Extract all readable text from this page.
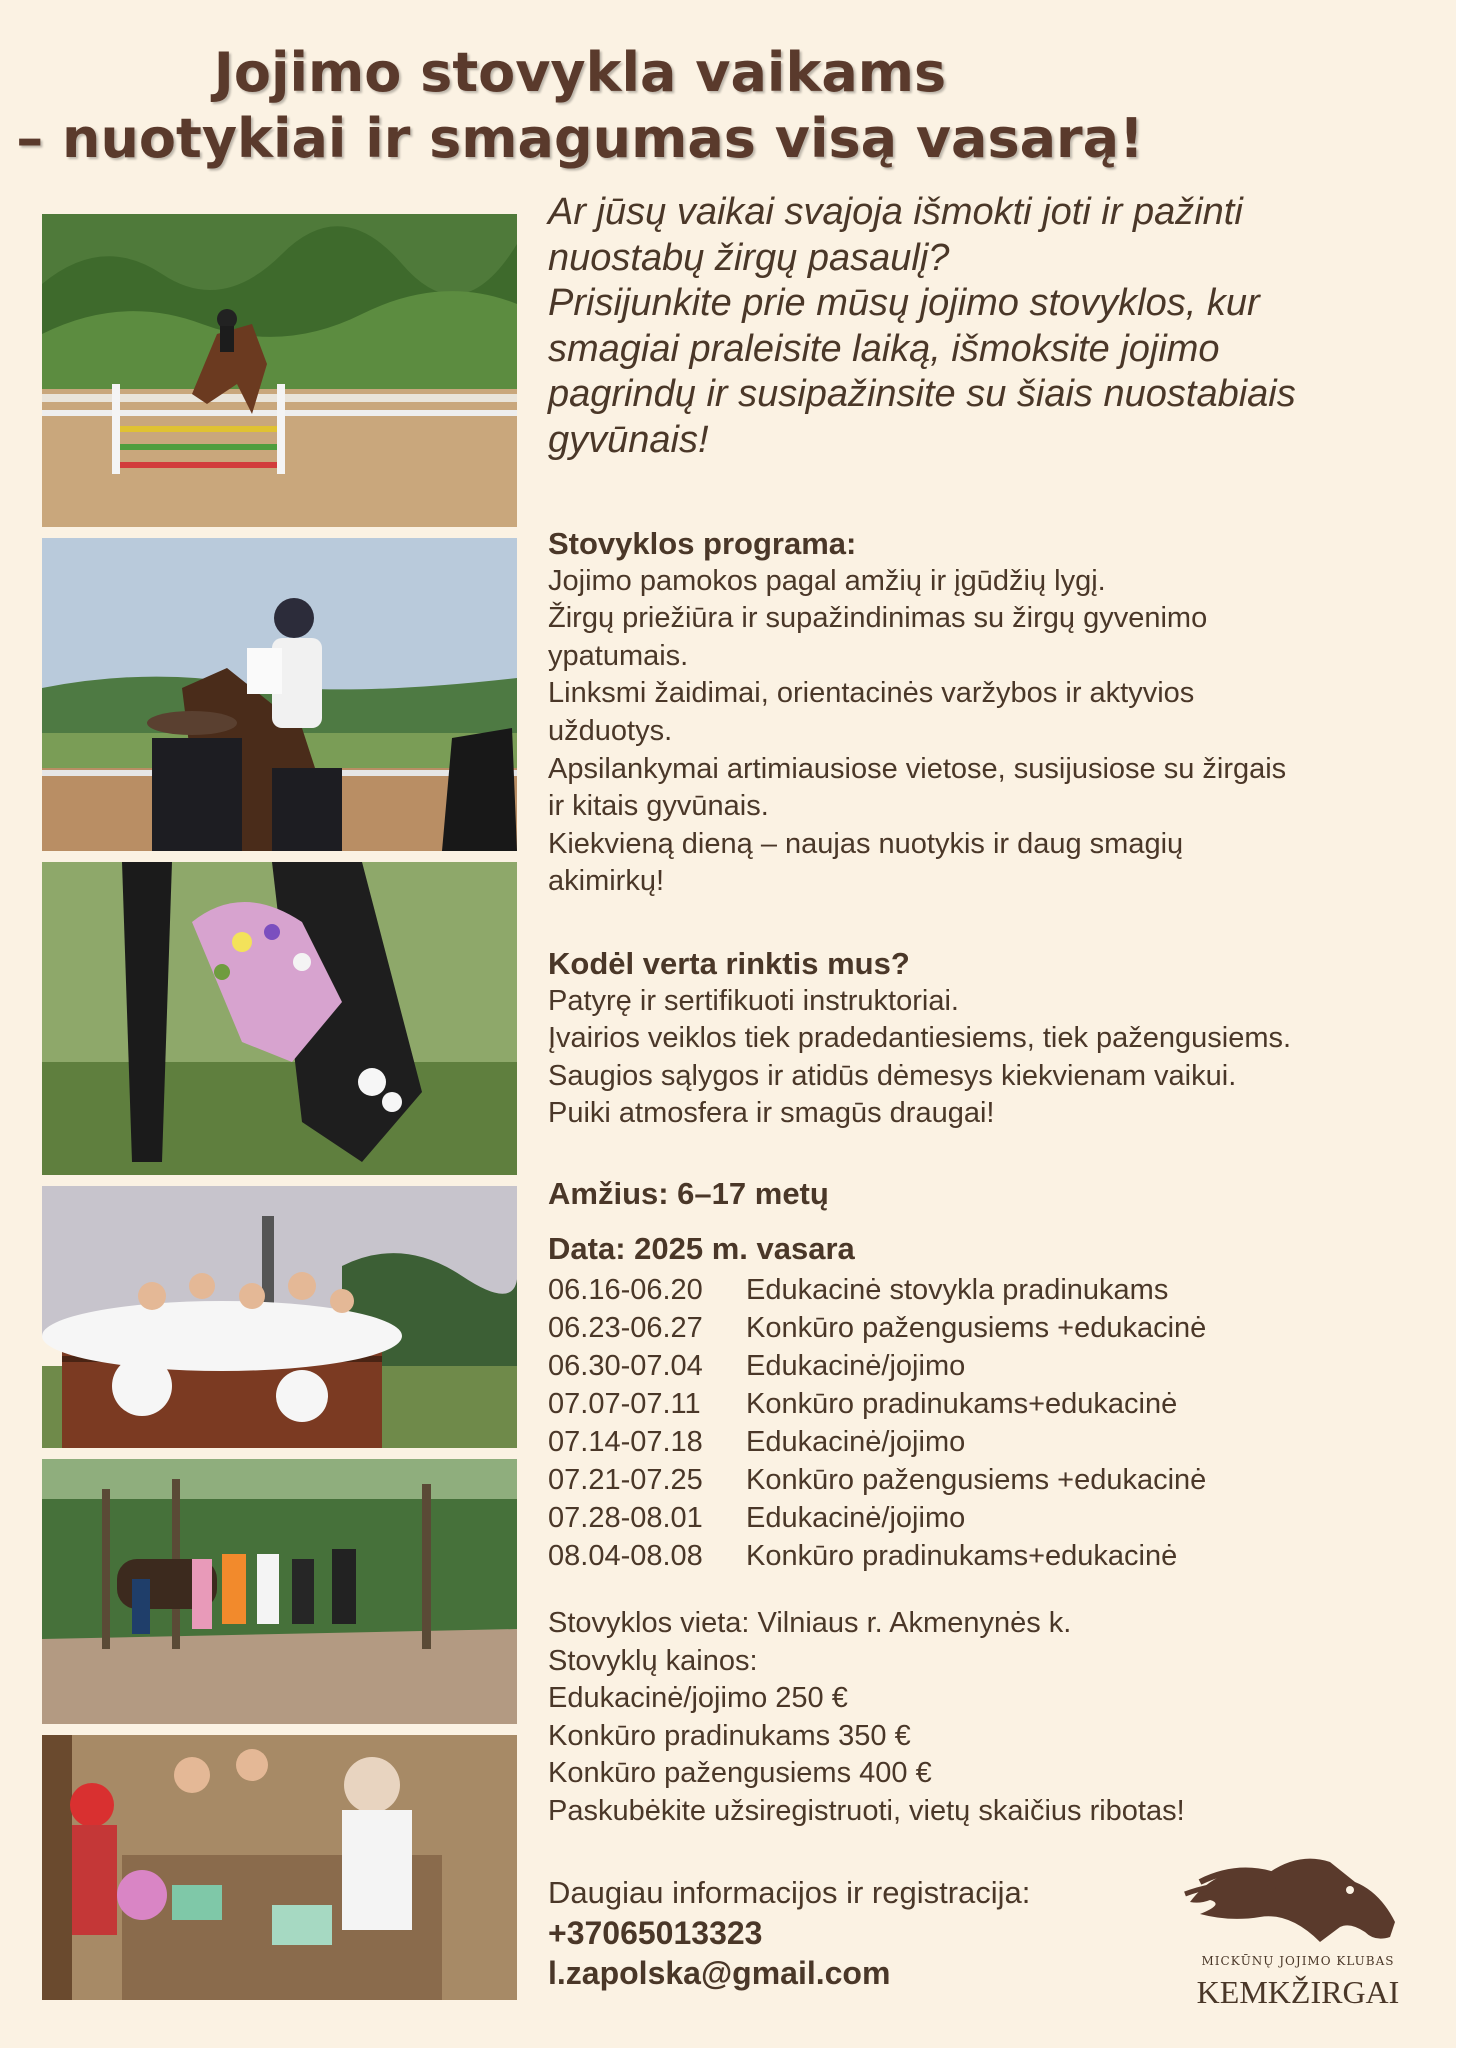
Jojimo stovykla vaikams
– nuotykiai ir smagumas visą vasarą!
Ar jūsų vaikai svajoja išmokti joti ir pažinti
nuostabų žirgų pasaulį?
Prisijunkite prie mūsų jojimo stovyklos, kur
smagiai praleisite laiką, išmoksite jojimo
pagrindų ir susipažinsite su šiais nuostabiais
gyvūnais!
Stovyklos programa:
Jojimo pamokos pagal amžių ir įgūdžių lygį.
Žirgų priežiūra ir supažindinimas su žirgų gyvenimo
ypatumais.
Linksmi žaidimai, orientacinės varžybos ir aktyvios
užduotys.
Apsilankymai artimiausiose vietose, susijusiose su žirgais
ir kitais gyvūnais.
Kiekvieną dieną – naujas nuotykis ir daug smagių
akimirkų!
Kodėl verta rinktis mus?
Patyrę ir sertifikuoti instruktoriai.
Įvairios veiklos tiek pradedantiesiems, tiek pažengusiems.
Saugios sąlygos ir atidūs dėmesys kiekvienam vaikui.
Puiki atmosfera ir smagūs draugai!
Amžius: 6–17 metų
Data: 2025 m. vasara
06.16-06.20 Edukacinė stovykla pradinukams
06.23-06.27 Konkūro pažengusiems +edukacinė
06.30-07.04 Edukacinė/jojimo
07.07-07.11 Konkūro pradinukams+edukacinė
07.14-07.18 Edukacinė/jojimo
07.21-07.25 Konkūro pažengusiems +edukacinė
07.28-08.01 Edukacinė/jojimo
08.04-08.08 Konkūro pradinukams+edukacinė
Stovyklos vieta: Vilniaus r. Akmenynės k.
Stovyklų kainos:
Edukacinė/jojimo 250 €
Konkūro pradinukams 350 €
Konkūro pažengusiems 400 €
Paskubėkite užsiregistruoti, vietų skaičius ribotas!
Daugiau informacijos ir registracija:
+37065013323
l.zapolska@gmail.com	MICKŪNŲ JOJIMO KLUBAS
KEMKŽIRGAI
